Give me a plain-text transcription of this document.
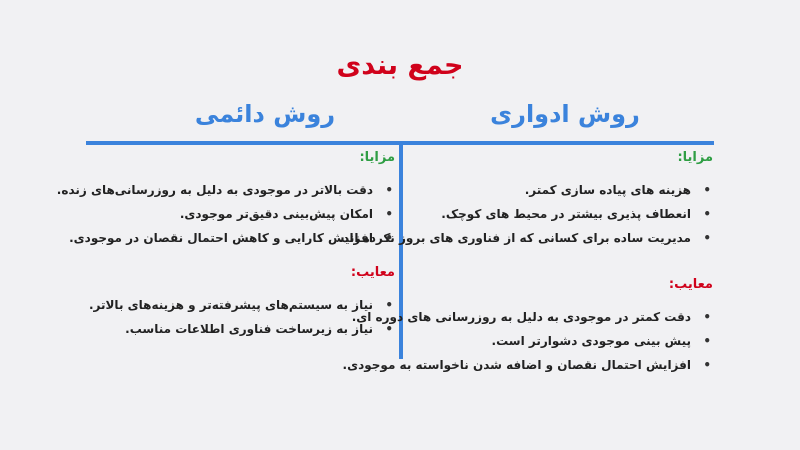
جمع بندی
روش ادواری
روش دائمی
مزایا:
• هزینه های پیاده سازی کمتر.
• انعطاف پذیری بیشتر در محیط های کوچک.
• مدیریت ساده برای کسانی که از فناوری های بروز نکرده اند.
معایب:
• دقت کمتر در موجودی به دلیل به روزرسانی های دوره ای.
• پیش بینی موجودی دشوارتر است.
• افزایش احتمال نقصان و اضافه شدن ناخواسته به موجودی.
مزایا:
• دقت بالاتر در موجودی به دلیل به روزرسانی‌های زنده.
• امکان پیش‌بینی دقیق‌تر موجودی.
• افزایش کارایی و کاهش احتمال نقصان در موجودی.
معایب:
• نیاز به سیستم‌های پیشرفته‌تر و هزینه‌های بالاتر.
• نیاز به زیرساخت فناوری اطلاعات مناسب.
